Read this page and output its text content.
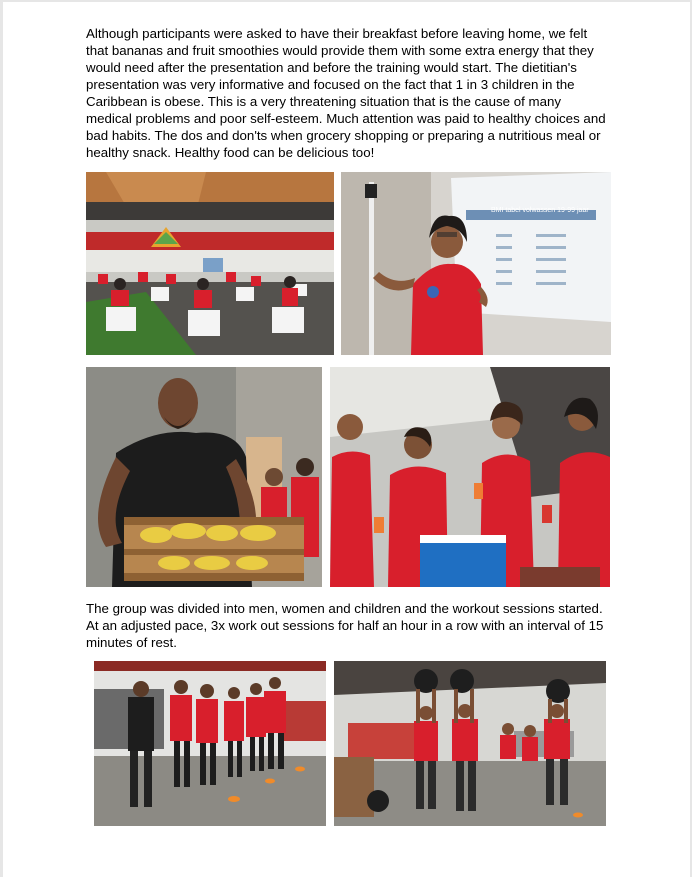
Although participants were asked to have their breakfast before leaving home, we felt that bananas and fruit smoothies would provide them with some extra energy that they would need after the presentation and before the training would start. The dietitian's presentation was very informative and focused on the fact that 1 in 3 children in the Caribbean is obese. This is a very threatening situation that is the cause of many medical problems and poor self-esteem. Much attention was paid to healthy choices and bad habits. The dos and don'ts when grocery shopping or preparing a nutritious meal or healthy snack. Healthy food can be delicious too!

BMI tabel volwassen 19-99 jaar

The group was divided into men, women and children and the workout sessions started. At an adjusted pace, 3x work out sessions for half an hour in a row with an interval of 15 minutes of rest.
